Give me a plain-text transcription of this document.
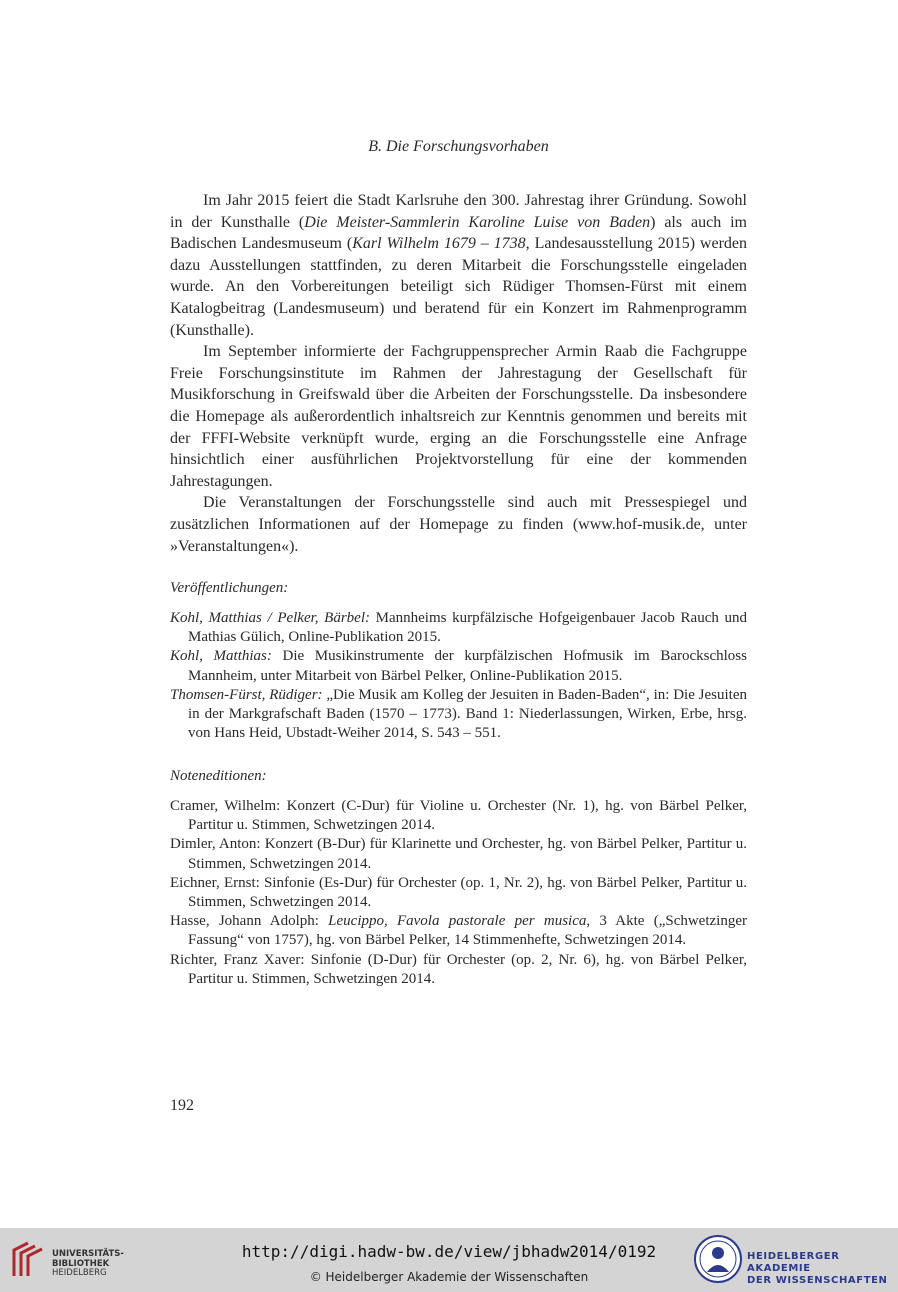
B. Die Forschungsvorhaben

Im Jahr 2015 feiert die Stadt Karlsruhe den 300. Jahrestag ihrer Gründung. Sowohl in der Kunsthalle (Die Meister-Sammlerin Karoline Luise von Baden) als auch im Badischen Landesmuseum (Karl Wilhelm 1679 – 1738, Landesausstellung 2015) werden dazu Ausstellungen stattfinden, zu deren Mitarbeit die Forschungsstelle eingeladen wurde. An den Vorbereitungen beteiligt sich Rüdiger Thomsen-Fürst mit einem Katalogbeitrag (Landesmuseum) und beratend für ein Konzert im Rahmenprogramm (Kunsthalle).

Im September informierte der Fachgruppensprecher Armin Raab die Fachgruppe Freie Forschungsinstitute im Rahmen der Jahrestagung der Gesellschaft für Musikforschung in Greifswald über die Arbeiten der Forschungsstelle. Da insbesondere die Homepage als außerordentlich inhaltsreich zur Kenntnis genommen und bereits mit der FFFI-Website verknüpft wurde, erging an die Forschungsstelle eine Anfrage hinsichtlich einer ausführlichen Projektvorstellung für eine der kommenden Jahrestagungen.

Die Veranstaltungen der Forschungsstelle sind auch mit Pressespiegel und zusätzlichen Informationen auf der Homepage zu finden (www.hof-musik.de, unter »Veranstaltungen«).

Veröffentlichungen:

Kohl, Matthias / Pelker, Bärbel: Mannheims kurpfälzische Hofgeigenbauer Jacob Rauch und Mathias Gülich, Online-Publikation 2015.

Kohl, Matthias: Die Musikinstrumente der kurpfälzischen Hofmusik im Barockschloss Mannheim, unter Mitarbeit von Bärbel Pelker, Online-Publikation 2015.

Thomsen-Fürst, Rüdiger: „Die Musik am Kolleg der Jesuiten in Baden-Baden“, in: Die Jesuiten in der Markgrafschaft Baden (1570 – 1773). Band 1: Niederlassungen, Wirken, Erbe, hrsg. von Hans Heid, Ubstadt-Weiher 2014, S. 543 – 551.

Noteneditionen:

Cramer, Wilhelm: Konzert (C-Dur) für Violine u. Orchester (Nr. 1), hg. von Bärbel Pelker, Partitur u. Stimmen, Schwetzingen 2014.

Dimler, Anton: Konzert (B-Dur) für Klarinette und Orchester, hg. von Bärbel Pelker, Partitur u. Stimmen, Schwetzingen 2014.

Eichner, Ernst: Sinfonie (Es-Dur) für Orchester (op. 1, Nr. 2), hg. von Bärbel Pelker, Partitur u. Stimmen, Schwetzingen 2014.

Hasse, Johann Adolph: Leucippo, Favola pastorale per musica, 3 Akte („Schwetzinger Fassung“ von 1757), hg. von Bärbel Pelker, 14 Stimmenhefte, Schwetzingen 2014.

Richter, Franz Xaver: Sinfonie (D-Dur) für Orchester (op. 2, Nr. 6), hg. von Bärbel Pelker, Partitur u. Stimmen, Schwetzingen 2014.

192
UNIVERSITÄTS-
BIBLIOTHEK
HEIDELBERG
http://digi.hadw-bw.de/view/jbhadw2014/0192
© Heidelberger Akademie der Wissenschaften
HEIDELBERGER AKADEMIE
DER WISSENSCHAFTEN
